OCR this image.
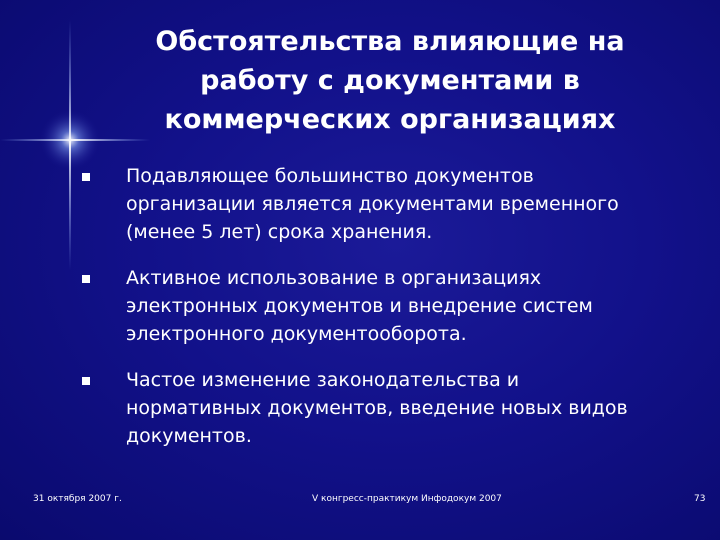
Обстоятельства влияющие на
работу с документами в
коммерческих организациях
Подавляющее большинство документов
организации является документами временного
(менее 5 лет) срока хранения.
Активное использование в организациях
электронных документов и внедрение систем
электронного документооборота.
Частое изменение законодательства и
нормативных документов, введение новых видов
документов.
31 октября 2007 г.	V конгресс-практикум Инфодокум 2007	73
